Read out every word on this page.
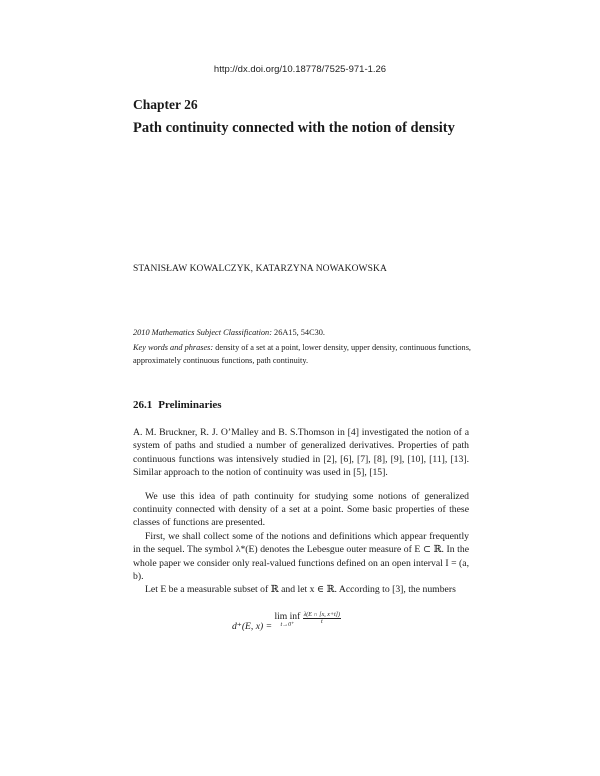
http://dx.doi.org/10.18778/7525-971-1.26
Chapter 26
Path continuity connected with the notion of density
STANISŁAW KOWALCZYK, KATARZYNA NOWAKOWSKA
2010 Mathematics Subject Classification: 26A15, 54C30.
Key words and phrases: density of a set at a point, lower density, upper density, continuous functions, approximately continuous functions, path continuity.
26.1 Preliminaries

A. M. Bruckner, R. J. O’Malley and B. S.Thomson in [4] investigated the notion of a system of paths and studied a number of generalized derivatives. Properties of path continuous functions was intensively studied in [2], [6], [7], [8], [9], [10], [11], [13]. Similar approach to the notion of continuity was used in [5], [15].

We use this idea of path continuity for studying some notions of generalized continuity connected with density of a set at a point. Some basic properties of these classes of functions are presented.

First, we shall collect some of the notions and definitions which appear frequently in the sequel. The symbol λ*(E) denotes the Lebesgue outer measure of E ⊂ ℝ. In the whole paper we consider only real-valued functions defined on an open interval I = (a, b).

Let E be a measurable subset of ℝ and let x ∈ ℝ. According to [3], the numbers

d⁺(E, x) = lim inf
t→0⁺
	$\frac{\lambda(E \cap [x, x+t])}{t}$
